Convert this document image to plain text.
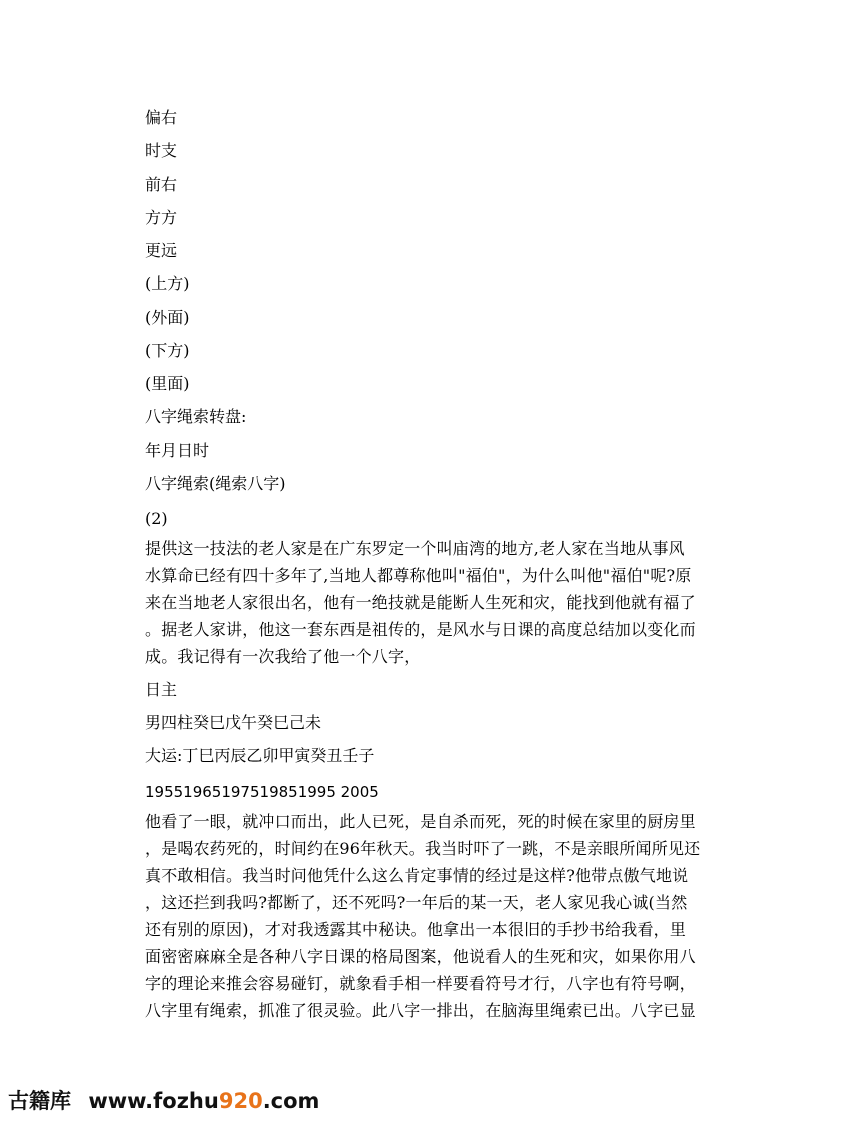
偏右
时支
前右
方方
更远
(上方)
(外面)
(下方)
(里面)
八字绳索转盘:
年月日时
八字绳索(绳索八字)
(2)
提供这一技法的老人家是在广东罗定一个叫庙湾的地方,老人家在当地从事风
水算命已经有四十多年了,当地人都尊称他叫"福伯"，为什么叫他"福伯"呢?原
来在当地老人家很出名，他有一绝技就是能断人生死和灾，能找到他就有福了
。据老人家讲，他这一套东西是祖传的，是风水与日课的高度总结加以变化而
成。我记得有一次我给了他一个八字，
日主
男四柱癸巳戊午癸巳己未
大运:丁巳丙辰乙卯甲寅癸丑壬子
19551965197519851995 2005
他看了一眼，就冲口而出，此人已死，是自杀而死，死的时候在家里的厨房里
，是喝农药死的，时间约在96年秋天。我当时吓了一跳，不是亲眼所闻所见还
真不敢相信。我当时问他凭什么这么肯定事情的经过是这样?他带点傲气地说
，这还拦到我吗?都断了，还不死吗?一年后的某一天，老人家见我心诚(当然
还有别的原因)，才对我透露其中秘诀。他拿出一本很旧的手抄书给我看，里
面密密麻麻全是各种八字日课的格局图案，他说看人的生死和灾，如果你用八
字的理论来推会容易碰钉，就象看手相一样要看符号才行，八字也有符号啊，
八字里有绳索，抓准了很灵验。此八字一排出，在脑海里绳索已出。八字已显
古籍库 www.fozhu920.com
